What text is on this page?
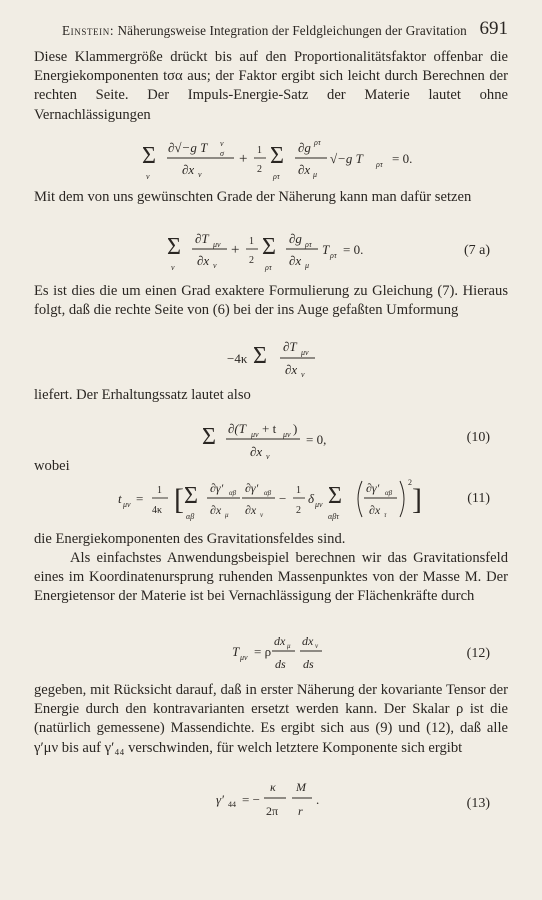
Einstein: Näherungsweise Integration der Feldgleichungen der Gravitation 691
Diese Klammergröße drückt bis auf den Proportionalitätsfaktor offenbar die Energiekomponenten tσα aus; der Faktor ergibt sich leicht durch Berechnen der rechten Seite. Der Impuls-Energie-Satz der Materie lautet ohne Vernachlässigungen
Σ
ν
∂√−g T ν
σ
∂x ν
+
1
2
Σ
ρτ
∂g ρτ
∂x μ
√−g T ρτ = 0.
Mit dem von uns gewünschten Grade der Näherung kann man dafür setzen
Σ
ν
∂T μν
∂x ν
+
1
2
Σ
ρτ
∂g ρτ
∂x μ
T ρτ = 0.	(7 a)
Es ist dies die um einen Grad exaktere Formulierung zu Gleichung (7). Hieraus folgt, daß die rechte Seite von (6) bei der ins Auge gefaßten Umformung
−4κ Σ ∂T μν
∂x ν
liefert. Der Erhaltungssatz lautet also
Σ ∂(T μν + t μν )
∂x ν
= 0,	(10)
wobei
t μν =
1
4κ [ Σ
αβ
∂γ′ αβ
∂x μ
∂γ′ αβ
∂x ν
−
1
2
δ μν Σ
αβτ
∂γ′ αβ
∂x τ
2
]	(11)
die Energiekomponenten des Gravitationsfeldes sind.
Als einfachstes Anwendungsbeispiel berechnen wir das Gravitationsfeld eines im Koordinatenursprung ruhenden Massenpunktes von der Masse M. Der Energietensor der Materie ist bei Vernachlässigung der Flächenkräfte durch
T μν = ρ
dx μ
ds
dx ν
ds
(12)
gegeben, mit Rücksicht darauf, daß in erster Näherung der kovariante Tensor der Energie durch den kontravarianten ersetzt werden kann. Der Skalar ρ ist die (natürlich gemessene) Massendichte. Es ergibt sich aus (9) und (12), daß alle γ′μν bis auf γ′₄₄ verschwinden, für welch letztere Komponente sich ergibt
γ′ 44 = −
κ
2π
M
r
.	(13)
